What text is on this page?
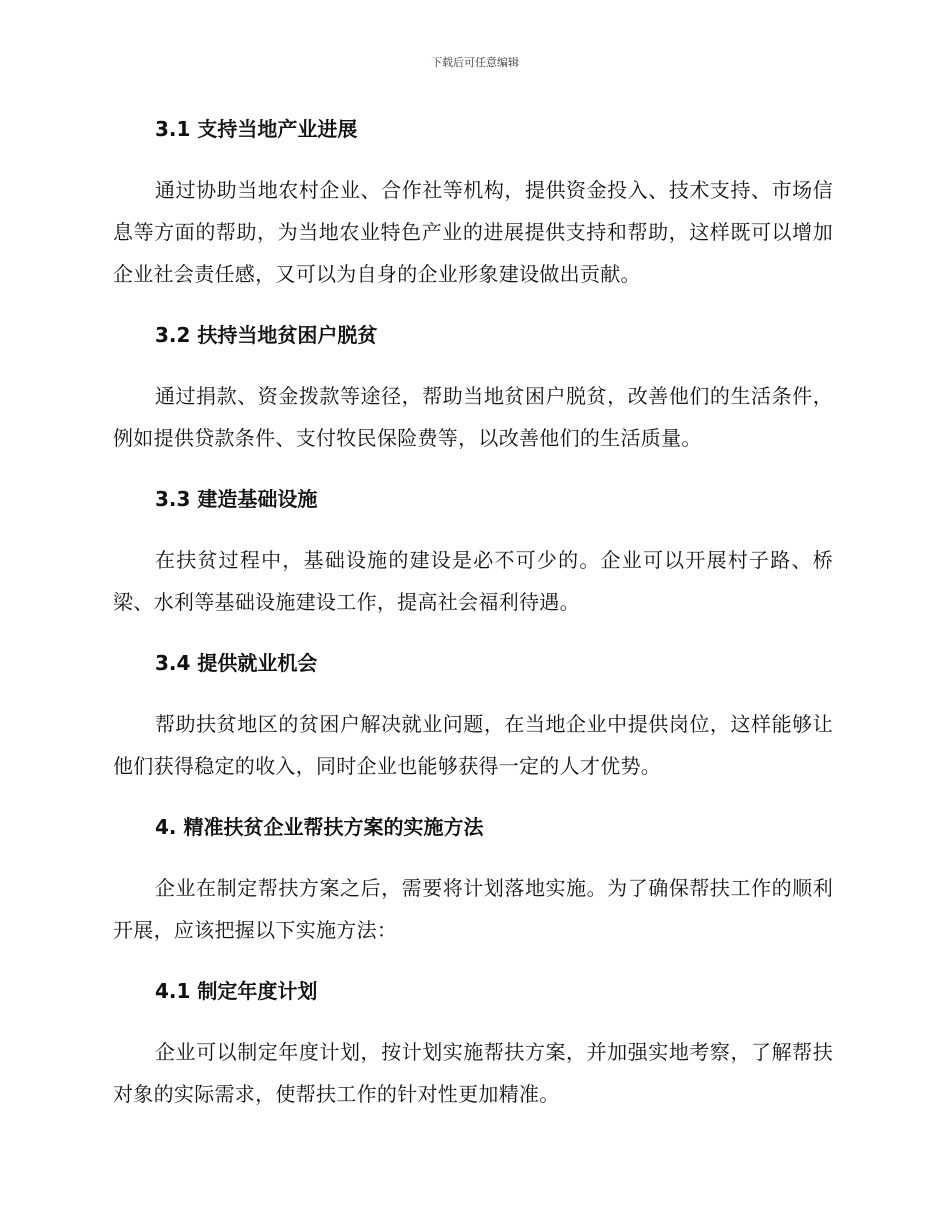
下载后可任意编辑
3.1 支持当地产业进展

通过协助当地农村企业、合作社等机构，提供资金投入、技术支持、市场信息等方面的帮助，为当地农业特色产业的进展提供支持和帮助，这样既可以增加企业社会责任感，又可以为自身的企业形象建设做出贡献。

3.2 扶持当地贫困户脱贫

通过捐款、资金拨款等途径，帮助当地贫困户脱贫，改善他们的生活条件，例如提供贷款条件、支付牧民保险费等，以改善他们的生活质量。

3.3 建造基础设施

在扶贫过程中，基础设施的建设是必不可少的。企业可以开展村子路、桥梁、水利等基础设施建设工作，提高社会福利待遇。

3.4 提供就业机会

帮助扶贫地区的贫困户解决就业问题，在当地企业中提供岗位，这样能够让他们获得稳定的收入，同时企业也能够获得一定的人才优势。

4. 精准扶贫企业帮扶方案的实施方法

企业在制定帮扶方案之后，需要将计划落地实施。为了确保帮扶工作的顺利开展，应该把握以下实施方法：

4.1 制定年度计划

企业可以制定年度计划，按计划实施帮扶方案，并加强实地考察，了解帮扶对象的实际需求，使帮扶工作的针对性更加精准。
